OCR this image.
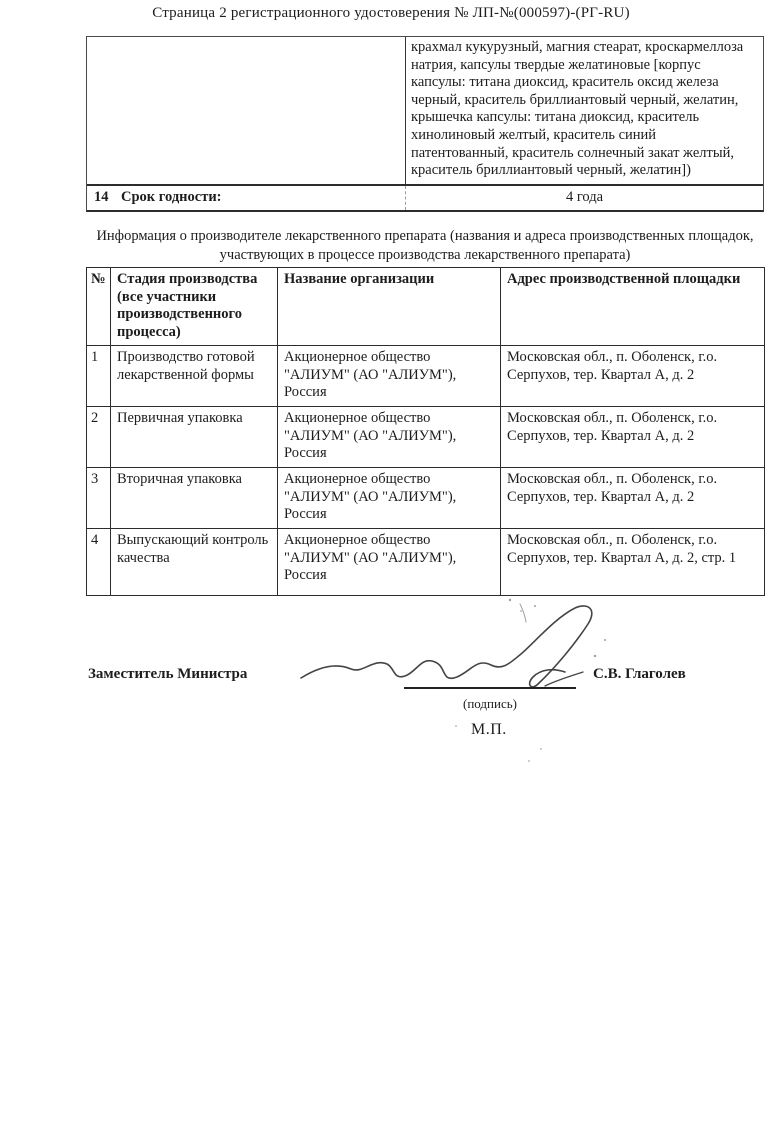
Страница 2 регистрационного удостоверения № ЛП-№(000597)-(РГ-RU)
крахмал кукурузный, магния стеарат, кроскармеллоза натрия, капсулы твердые желатиновые [корпус капсулы: титана диоксид, краситель оксид железа черный, краситель бриллиантовый черный, желатин, крышечка капсулы: титана диоксид, краситель хинолиновый желтый, краситель синий патентованный, краситель солнечный закат желтый, краситель бриллиантовый черный, желатин])
14 Срок годности:	4 года
Информация о производителе лекарственного препарата (названия и адреса производственных площадок, участвующих в процессе производства лекарственного препарата)
№	Стадия производства (все участники производственного процесса)	Название организации	Адрес производственной площадки
1	Производство готовой лекарственной формы	Акционерное общество "АЛИУМ" (АО "АЛИУМ"), Россия	Московская обл., п. Оболенск, г.о. Серпухов, тер. Квартал А, д. 2
2	Первичная упаковка	Акционерное общество "АЛИУМ" (АО "АЛИУМ"), Россия	Московская обл., п. Оболенск, г.о. Серпухов, тер. Квартал А, д. 2
3	Вторичная упаковка	Акционерное общество "АЛИУМ" (АО "АЛИУМ"), Россия	Московская обл., п. Оболенск, г.о. Серпухов, тер. Квартал А, д. 2
4	Выпускающий контроль качества	Акционерное общество "АЛИУМ" (АО "АЛИУМ"), Россия	Московская обл., п. Оболенск, г.о. Серпухов, тер. Квартал А, д. 2, стр. 1
Заместитель Министра
(подпись)
С.В. Глаголев
М.П.
